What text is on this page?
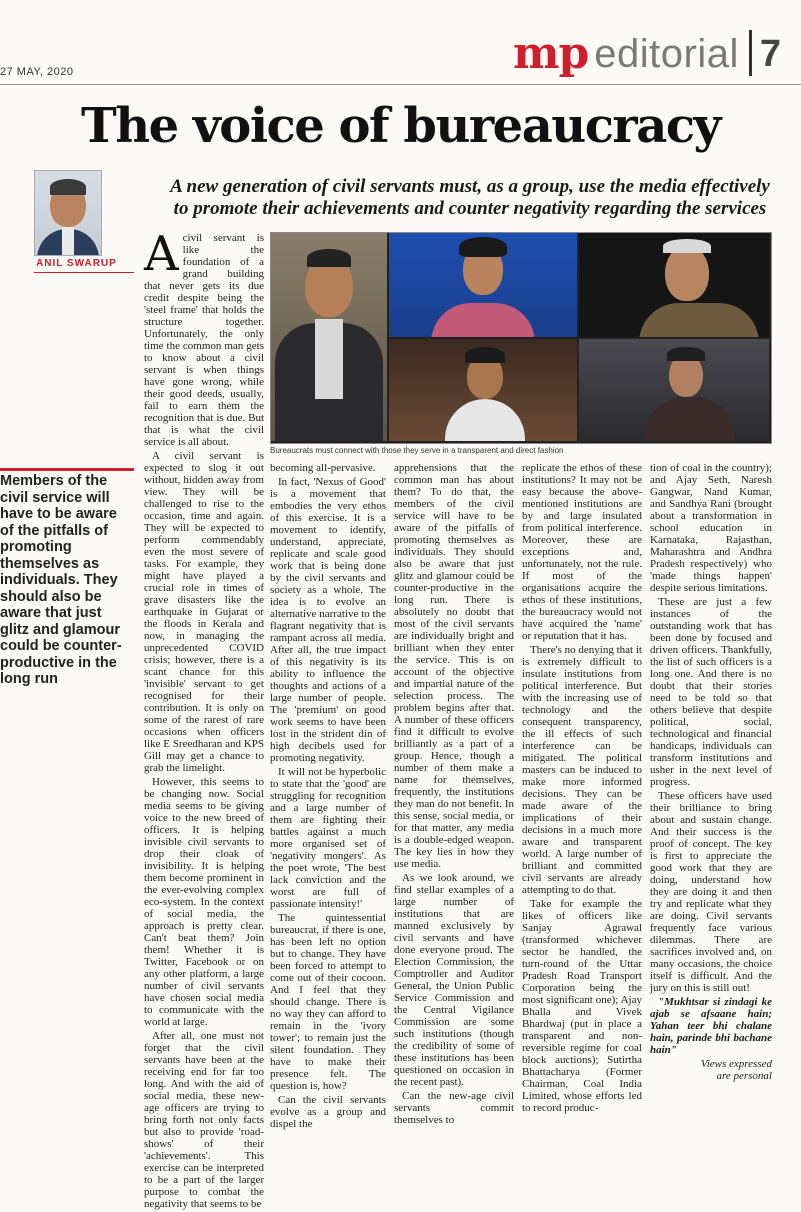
27 MAY, 2020	mp editorial 7
The voice of bureaucracy
A new generation of civil servants must, as a group, use the media effectively to promote their achievements and counter negativity regarding the services
ANIL SWARUP
Members of the civil service will have to be aware of the pitfalls of promoting themselves as individuals. They should also be aware that just glitz and glamour could be counter-productive in the long run
Bureaucrats must connect with those they serve in a transparent and direct fashion

Acivil servant is like the foundation of a grand building that never gets its due credit despite being the 'steel frame' that holds the structure together. Unfortunately, the only time the common man gets to know about a civil servant is when things have gone wrong, while their good deeds, usually, fail to earn them the recognition that is due. But that is what the civil service is all about.

A civil servant is expected to slog it out without, hidden away from view. They will be challenged to rise to the occasion, time and again. They will be expected to perform commendably even the most severe of tasks. For example, they might have played a crucial role in times of grave disasters like the earthquake in Gujarat or the floods in Kerala and now, in managing the unprecedented COVID crisis; however, there is a scant chance for this 'invisible' servant to get recognised for their contribution. It is only on some of the rarest of rare occasions when officers like E Sreedharan and KPS Gill may get a chance to grab the limelight.

However, this seems to be changing now. Social media seems to be giving voice to the new breed of officers. It is helping invisible civil servants to drop their cloak of invisibility. It is helping them become prominent in the ever-evolving complex eco-system. In the context of social media, the approach is pretty clear. Can't beat them? Join them! Whether it is Twitter, Facebook or on any other platform, a large number of civil servants have chosen social media to communicate with the world at large.

After all, one must not forget that the civil servants have been at the receiving end for far too long. And with the aid of social media, these new-age officers are trying to bring forth not only facts but also to provide 'road-shows' of their 'achievements'. This exercise can be interpreted to be a part of the larger purpose to combat the negativity that seems to be

becoming all-pervasive.

In fact, 'Nexus of Good' is a movement that embodies the very ethos of this exercise. It is a movement to identify, understand, appreciate, replicate and scale good work that is being done by the civil servants and society as a whole. The idea is to evolve an alternative narrative to the flagrant negativity that is rampant across all media. After all, the true impact of this negativity is its ability to influence the thoughts and actions of a large number of people. The 'premium' on good work seems to have been lost in the strident din of high decibels used for promoting negativity.

It will not be hyperbolic to state that the 'good' are struggling for recognition and a large number of them are fighting their battles against a much more organised set of 'negativity mongers'. As the poet wrote, 'The best lack conviction and the worst are full of passionate intensity!'

The quintessential bureaucrat, if there is one, has been left no option but to change. They have been forced to attempt to come out of their cocoon. And I feel that they should change. There is no way they can afford to remain in the 'ivory tower'; to remain just the silent foundation. They have to make their presence felt. The question is, how?

Can the civil servants evolve as a group and dispel the

apprehensions that the common man has about them? To do that, the members of the civil service will have to be aware of the pitfalls of promoting themselves as individuals. They should also be aware that just glitz and glamour could be counter-productive in the long run. There is absolutely no doubt that most of the civil servants are individually bright and brilliant when they enter the service. This is on account of the objective and impartial nature of the selection process. The problem begins after that. A number of these officers find it difficult to evolve brilliantly as a part of a group. Hence, though a number of them make a name for themselves, frequently, the institutions they man do not benefit. In this sense, social media, or for that matter, any media is a double-edged weapon. The key lies in how they use media.

As we look around, we find stellar examples of a large number of institutions that are manned exclusively by civil servants and have done everyone proud. The Election Commission, the Comptroller and Auditor General, the Union Public Service Commission and the Central Vigilance Commission are some such institutions (though the credibility of some of these institutions has been questioned on occasion in the recent past).

Can the new-age civil servants commit themselves to

replicate the ethos of these institutions? It may not be easy because the above-mentioned institutions are by and large insulated from political interference. Moreover, these are exceptions and, unfortunately, not the rule. If most of the organisations acquire the ethos of these institutions, the bureaucracy would not have acquired the 'name' or reputation that it has.

There's no denying that it is extremely difficult to insulate institutions from political interference. But with the increasing use of technology and the consequent transparency, the ill effects of such interference can be mitigated. The political masters can be induced to make more informed decisions. They can be made aware of the implications of their decisions in a much more aware and transparent world. A large number of brilliant and committed civil servants are already attempting to do that.

Take for example the likes of officers like Sanjay Agrawal (transformed whichever sector he handled, the turn-round of the Uttar Pradesh Road Transport Corporation being the most significant one); Ajay Bhalla and Vivek Bhardwaj (put in place a transparent and non-reversible regime for coal block auctions); Sutirtha Bhattacharya (Former Chairman, Coal India Limited, whose efforts led to record produc-

tion of coal in the country); and Ajay Seth, Naresh Gangwar, Nand Kumar, and Sandhya Rani (brought about a transformation in school education in Karnataka, Rajasthan, Maharashtra and Andhra Pradesh respectively) who 'made things happen' despite serious limitations.

These are just a few instances of the outstanding work that has been done by focused and driven officers. Thankfully, the list of such officers is a long one. And there is no doubt that their stories need to be told so that others believe that despite political, social, technological and financial handicaps, individuals can transform institutions and usher in the next level of progress.

These officers have used their brilliance to bring about and sustain change. And their success is the proof of concept. The key is first to appreciate the good work that they are doing, understand how they are doing it and then try and replicate what they are doing. Civil servants frequently face various dilemmas. There are sacrifices involved and, on many occasions, the choice itself is difficult. And the jury on this is still out!

"Mukhtsar si zindagi ke ajab se afsaane hain; Yahan teer bhi chalane hain, parinde bhi bachane hain"

Views expressed
are personal
